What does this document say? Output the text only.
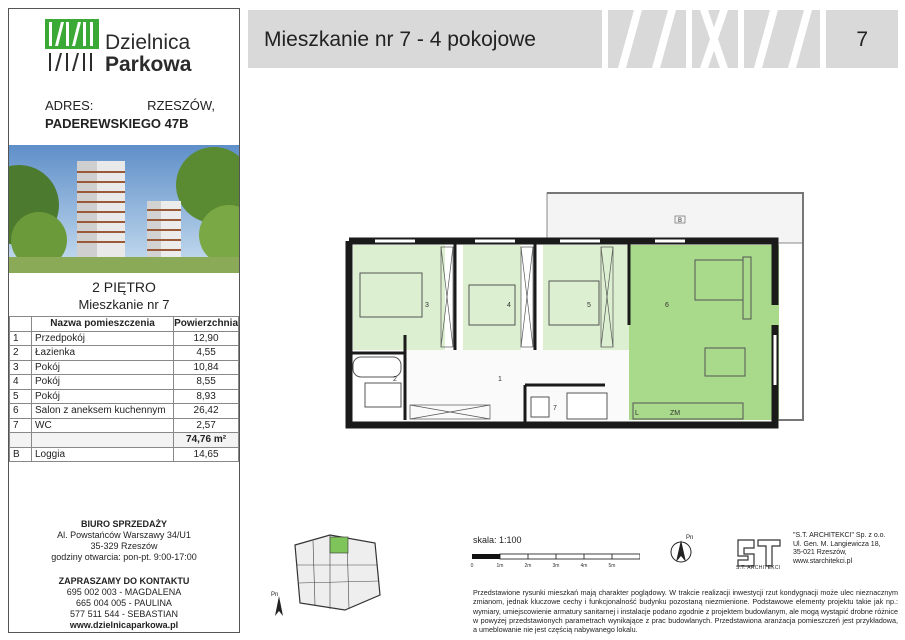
Dzielnica
Parkowa
ADRES:	RZESZÓW,
PADEREWSKIEGO 47B
2 PIĘTRO
Mieszkanie nr 7
	Nazwa pomieszczenia	Powierzchnia
1	Przedpokój	12,90
2	Łazienka	4,55
3	Pokój	10,84
4	Pokój	8,55
5	Pokój	8,93
6	Salon z aneksem kuchennym	26,42
7	WC	2,57
		74,76 m²
B	Loggia	14,65
BIURO SPRZEDAŻY
Al. Powstańców Warszawy 34/U1
35-329 Rzeszów
godziny otwarcia: pon-pt. 9:00-17:00
ZAPRASZAMY DO KONTAKTU
695 002 003 - MAGDALENA
665 004 005 - PAULINA
577 511 544 - SEBASTIAN
www.dzielnicaparkowa.pl
Mieszkanie nr 7 - 4 pokojowe	7
B
3	4	5	6
1
2
7
L	ZM
skala: 1:100
0	1m	2m	3m	4m	5m
Pn
S.T. ARCHITEKCI
"S.T. ARCHITEKCI" Sp. z o.o.
Ul. Gen. M. Langiewicza 18,
35-021 Rzeszów,
www.starchitekci.pl
Przedstawione rysunki mieszkań mają charakter poglądowy. W trakcie realizacji inwestycji rzut kondygnacji może ulec nieznacznym zmianom, jednak kluczowe cechy i funkcjonalność budynku pozostaną niezmienione. Podstawowe elementy projektu takie jak np.: wymiary, umiejscowienie armatury sanitarnej i instalacje podano zgodnie z projektem budowlanym, ale mogą wystąpić drobne różnice w powyżej przedstawionych parametrach wynikające z prac budowlanych. Przedstawiona aranżacja pomieszczeń jest przykładowa, a umeblowanie nie jest częścią nabywanego lokalu.
Pn
